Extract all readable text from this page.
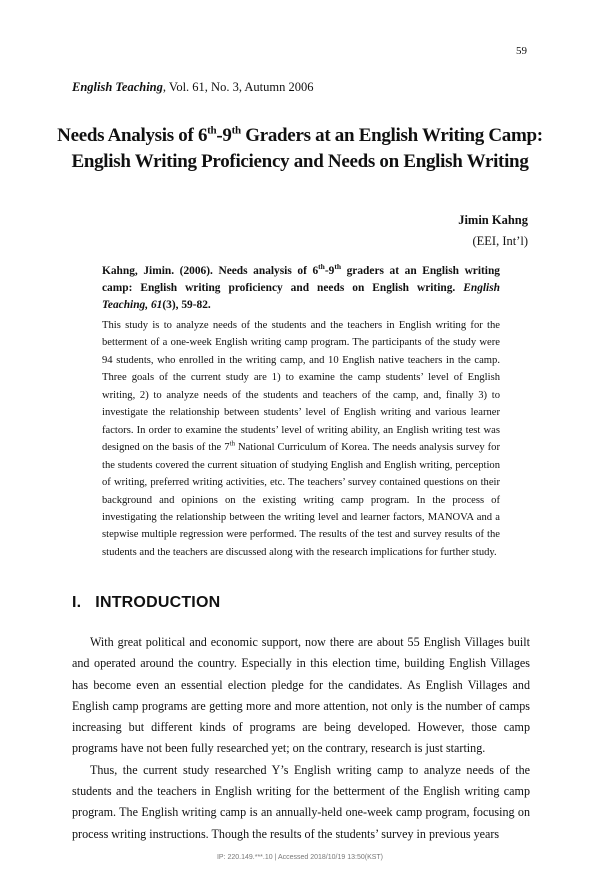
59
English Teaching, Vol. 61, No. 3, Autumn 2006
Needs Analysis of 6th-9th Graders at an English Writing Camp:
English Writing Proficiency and Needs on English Writing
Jimin Kahng
(EEI, Int’l)
Kahng, Jimin. (2006). Needs analysis of 6th-9th graders at an English writing camp: English writing proficiency and needs on English writing. English Teaching, 61(3), 59-82.
This study is to analyze needs of the students and the teachers in English writing for the betterment of a one-week English writing camp program. The participants of the study were 94 students, who enrolled in the writing camp, and 10 English native teachers in the camp. Three goals of the current study are 1) to examine the camp students’ level of English writing, 2) to analyze needs of the students and teachers of the camp, and, finally 3) to investigate the relationship between students’ level of English writing and various learner factors. In order to examine the students’ level of writing ability, an English writing test was designed on the basis of the 7th National Curriculum of Korea. The needs analysis survey for the students covered the current situation of studying English and English writing, perception of writing, preferred writing activities, etc. The teachers’ survey contained questions on their background and opinions on the existing writing camp program. In the process of investigating the relationship between the writing level and learner factors, MANOVA and a stepwise multiple regression were performed. The results of the test and survey results of the students and the teachers are discussed along with the research implications for further study.
I. INTRODUCTION

With great political and economic support, now there are about 55 English Villages built and operated around the country. Especially in this election time, building English Villages has become even an essential election pledge for the candidates. As English Villages and English camp programs are getting more and more attention, not only is the number of camps increasing but different kinds of programs are being developed. However, those camp programs have not been fully researched yet; on the contrary, research is just starting.

Thus, the current study researched Y’s English writing camp to analyze needs of the students and the teachers in English writing for the betterment of the English writing camp program. The English writing camp is an annually-held one-week camp program, focusing on process writing instructions. Though the results of the students’ survey in previous years

IP: 220.149.***.10 | Accessed 2018/10/19 13:50(KST)
